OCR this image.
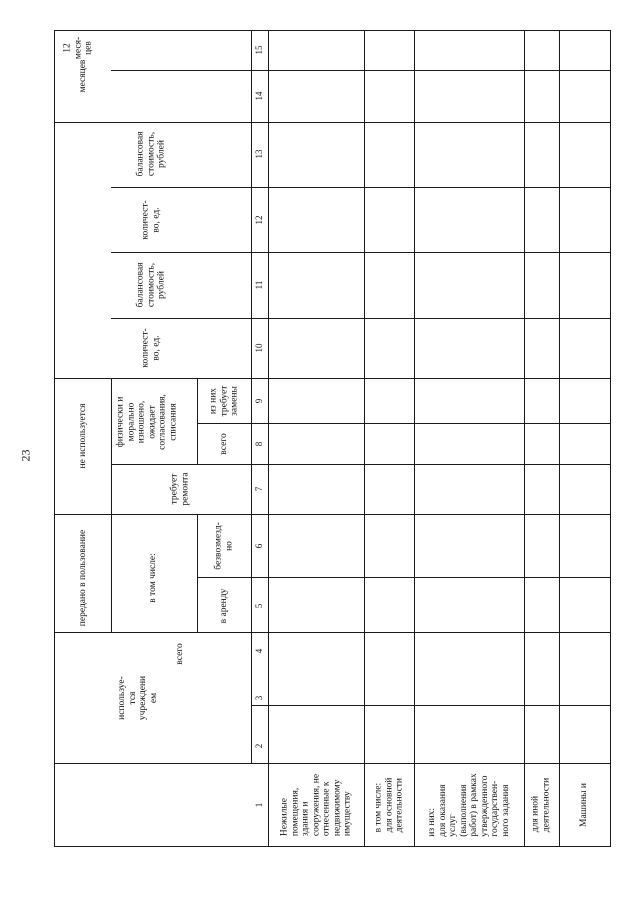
23	не используется
месяцев
12 меся- цев
передано в пользование
используе- тся учреждени ем
всего
в том числе:
в аренду
безвозмезд- но
требует ремонта
физически и морально изношено, ожидает согласования, списания
всего
из них требует замены
количест- во, ед.
балансовая стоимость, рублей
количест- во, ед.
балансовая стоимость, рублей
1
2
3
4
5
6
7
8
9
10
11
12
13
14
15
Нежилые помещения, здания и сооружения, не отнесенные к недвижимому имуществу в том числе: для основной деятельности из них: для оказания услуг (выполнения работ) в рамках утвержденного государствен- ного задания для иной деятельности	Машины и
